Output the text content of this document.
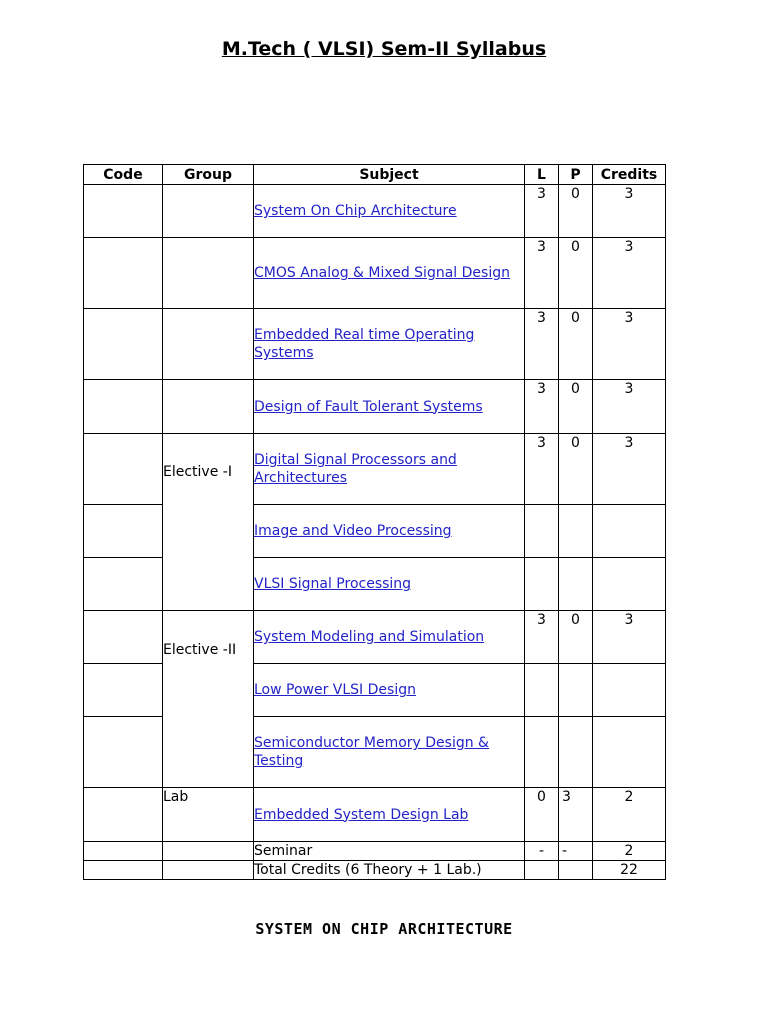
M.Tech ( VLSI) Sem-II Syllabus
Code	Group	Subject	L	P	Credits
		System On Chip Architecture	3	0	3
		CMOS Analog & Mixed Signal Design	3	0	3
		Embedded Real time Operating Systems	3	0	3
		Design of Fault Tolerant Systems	3	0	3
	Elective -I	Digital Signal Processors and Architectures	3	0	3
		Image and Video Processing			
		VLSI Signal Processing			
	Elective -II	System Modeling and Simulation	3	0	3
		Low Power VLSI Design			
		Semiconductor Memory Design & Testing			
	Lab	Embedded System Design Lab	0	3	2
		Seminar	-	-	2
		Total Credits (6 Theory + 1 Lab.)			22
SYSTEM ON CHIP ARCHITECTURE
